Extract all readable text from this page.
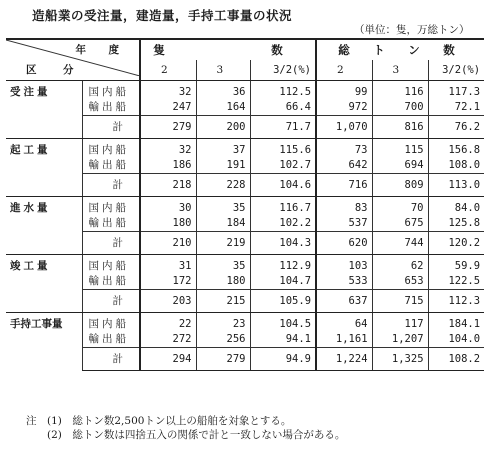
造船業の受注量，建造量，手持工事量の状況
（単位：隻，万総トン）
年　度		隻　　　数			総　ト　ン　数		
区　分		2	3	3/2(%)	2	3	3/2(%)
受注量	国内船	32	36	112.5	99	116	117.3
	輸出船	247	164	66.4	972	700	72.1
	計	279	200	71.7	1,070	816	76.2
起工量	国内船	32	37	115.6	73	115	156.8
	輸出船	186	191	102.7	642	694	108.0
	計	218	228	104.6	716	809	113.0
進水量	国内船	30	35	116.7	83	70	84.0
	輸出船	180	184	102.2	537	675	125.8
	計	210	219	104.3	620	744	120.2
竣工量	国内船	31	35	112.9	103	62	59.9
	輸出船	172	180	104.7	533	653	122.5
	計	203	215	105.9	637	715	112.3
手持工事量	国内船	22	23	104.5	64	117	184.1
	輸出船	272	256	94.1	1,161	1,207	104.0
	計	294	279	94.9	1,224	1,325	108.2
注　(1)　総トン数2,500トン以上の船舶を対象とする。
　　(2)　総トン数は四捨五入の関係で計と一致しない場合がある。
